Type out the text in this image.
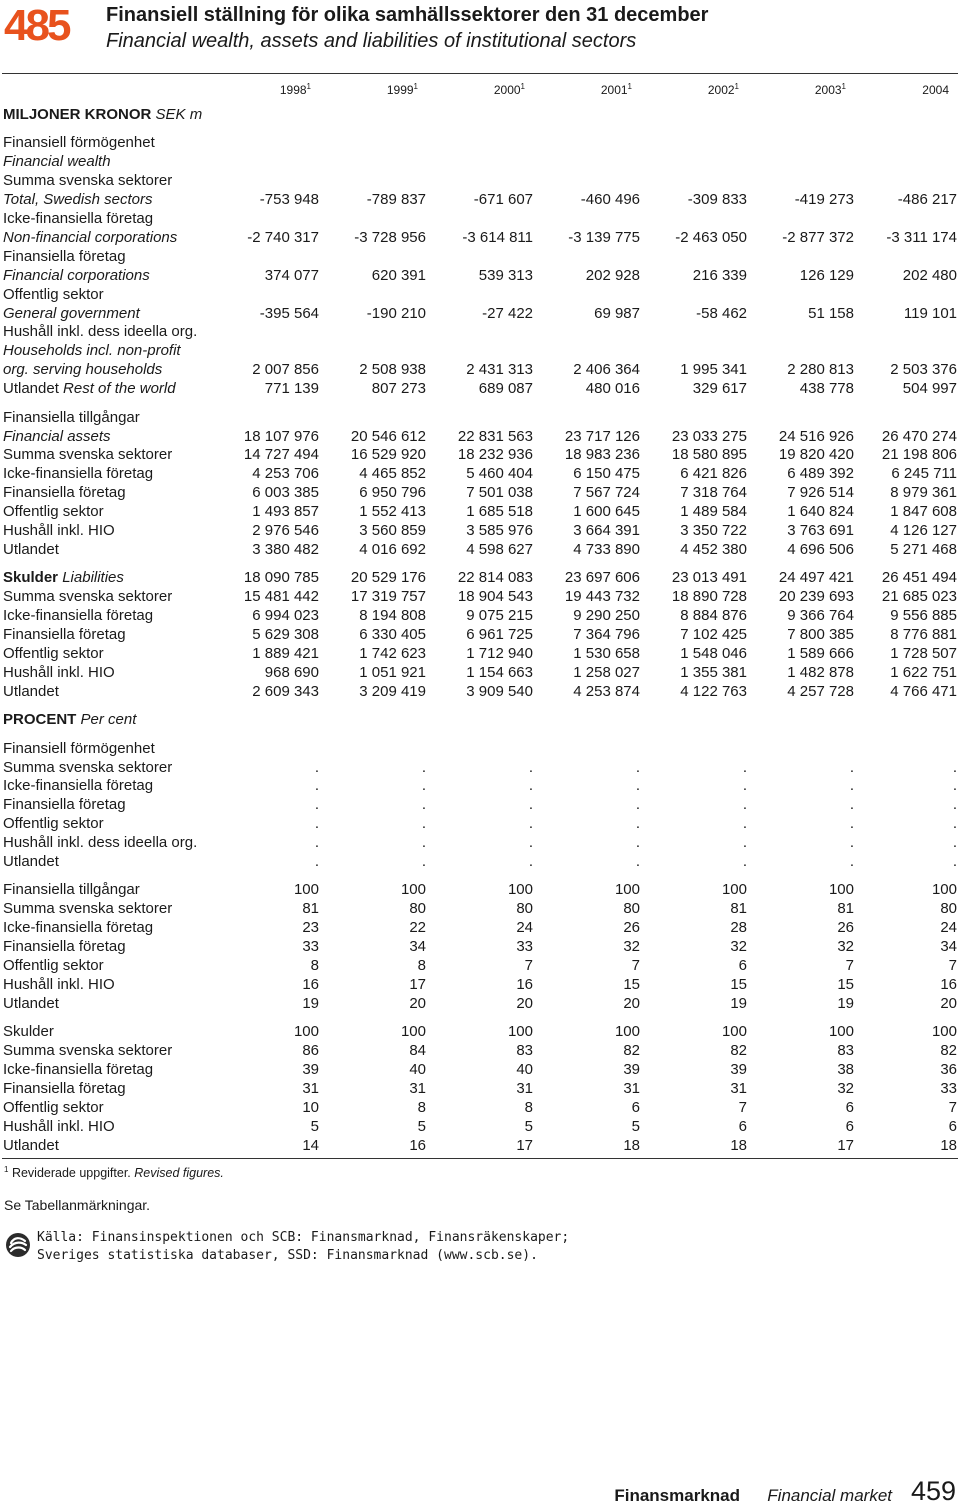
485 Finansiell ställning för olika samhällssektorer den 31 december
Financial wealth, assets and liabilities of institutional sectors
	1998$^1$	1999$^1$	2000$^1$	2001$^1$	2002$^1$	2003$^1$	2004

MILJONER KRONOR SEK m							

Finansiell förmögenhet							
Financial wealth							
Summa svenska sektorer							
Total, Swedish sectors	-753 948	-789 837	-671 607	-460 496	-309 833	-419 273	-486 217
Icke-finansiella företag							
Non-financial corporations	-2 740 317	-3 728 956	-3 614 811	-3 139 775	-2 463 050	-2 877 372	-3 311 174
Finansiella företag							
Financial corporations	374 077	620 391	539 313	202 928	216 339	126 129	202 480
Offentlig sektor							
General government	-395 564	-190 210	-27 422	69 987	-58 462	51 158	119 101
Hushåll inkl. dess ideella org.							
Households incl. non-profit							
org. serving households	2 007 856	2 508 938	2 431 313	2 406 364	1 995 341	2 280 813	2 503 376
Utlandet Rest of the world	771 139	807 273	689 087	480 016	329 617	438 778	504 997

Finansiella tillgångar							
Financial assets	18 107 976	20 546 612	22 831 563	23 717 126	23 033 275	24 516 926	26 470 274
Summa svenska sektorer	14 727 494	16 529 920	18 232 936	18 983 236	18 580 895	19 820 420	21 198 806
Icke-finansiella företag	4 253 706	4 465 852	5 460 404	6 150 475	6 421 826	6 489 392	6 245 711
Finansiella företag	6 003 385	6 950 796	7 501 038	7 567 724	7 318 764	7 926 514	8 979 361
Offentlig sektor	1 493 857	1 552 413	1 685 518	1 600 645	1 489 584	1 640 824	1 847 608
Hushåll inkl. HIO	2 976 546	3 560 859	3 585 976	3 664 391	3 350 722	3 763 691	4 126 127
Utlandet	3 380 482	4 016 692	4 598 627	4 733 890	4 452 380	4 696 506	5 271 468

Skulder Liabilities	18 090 785	20 529 176	22 814 083	23 697 606	23 013 491	24 497 421	26 451 494
Summa svenska sektorer	15 481 442	17 319 757	18 904 543	19 443 732	18 890 728	20 239 693	21 685 023
Icke-finansiella företag	6 994 023	8 194 808	9 075 215	9 290 250	8 884 876	9 366 764	9 556 885
Finansiella företag	5 629 308	6 330 405	6 961 725	7 364 796	7 102 425	7 800 385	8 776 881
Offentlig sektor	1 889 421	1 742 623	1 712 940	1 530 658	1 548 046	1 589 666	1 728 507
Hushåll inkl. HIO	968 690	1 051 921	1 154 663	1 258 027	1 355 381	1 482 878	1 622 751
Utlandet	2 609 343	3 209 419	3 909 540	4 253 874	4 122 763	4 257 728	4 766 471

PROCENT Per cent							

Finansiell förmögenhet							
Summa svenska sektorer	.	.	.	.	.	.	.
Icke-finansiella företag	.	.	.	.	.	.	.
Finansiella företag	.	.	.	.	.	.	.
Offentlig sektor	.	.	.	.	.	.	.
Hushåll inkl. dess ideella org.	.	.	.	.	.	.	.
Utlandet	.	.	.	.	.	.	.

Finansiella tillgångar	100	100	100	100	100	100	100
Summa svenska sektorer	81	80	80	80	81	81	80
Icke-finansiella företag	23	22	24	26	28	26	24
Finansiella företag	33	34	33	32	32	32	34
Offentlig sektor	8	8	7	7	6	7	7
Hushåll inkl. HIO	16	17	16	15	15	15	16
Utlandet	19	20	20	20	19	19	20

Skulder	100	100	100	100	100	100	100
Summa svenska sektorer	86	84	83	82	82	83	82
Icke-finansiella företag	39	40	40	39	39	38	36
Finansiella företag	31	31	31	31	31	32	33
Offentlig sektor	10	8	8	6	7	6	7
Hushåll inkl. HIO	5	5	5	5	6	6	6
Utlandet	14	16	17	18	18	17	18
$^1$ Reviderade uppgifter. Revised figures.
Se Tabellanmärkningar.
Källa: Finansinspektionen och SCB: Finansmarknad, Finansräkenskaper;
Sveriges statistiska databaser, SSD: Finansmarknad (www.scb.se).
Finansmarknad Financial market 459
